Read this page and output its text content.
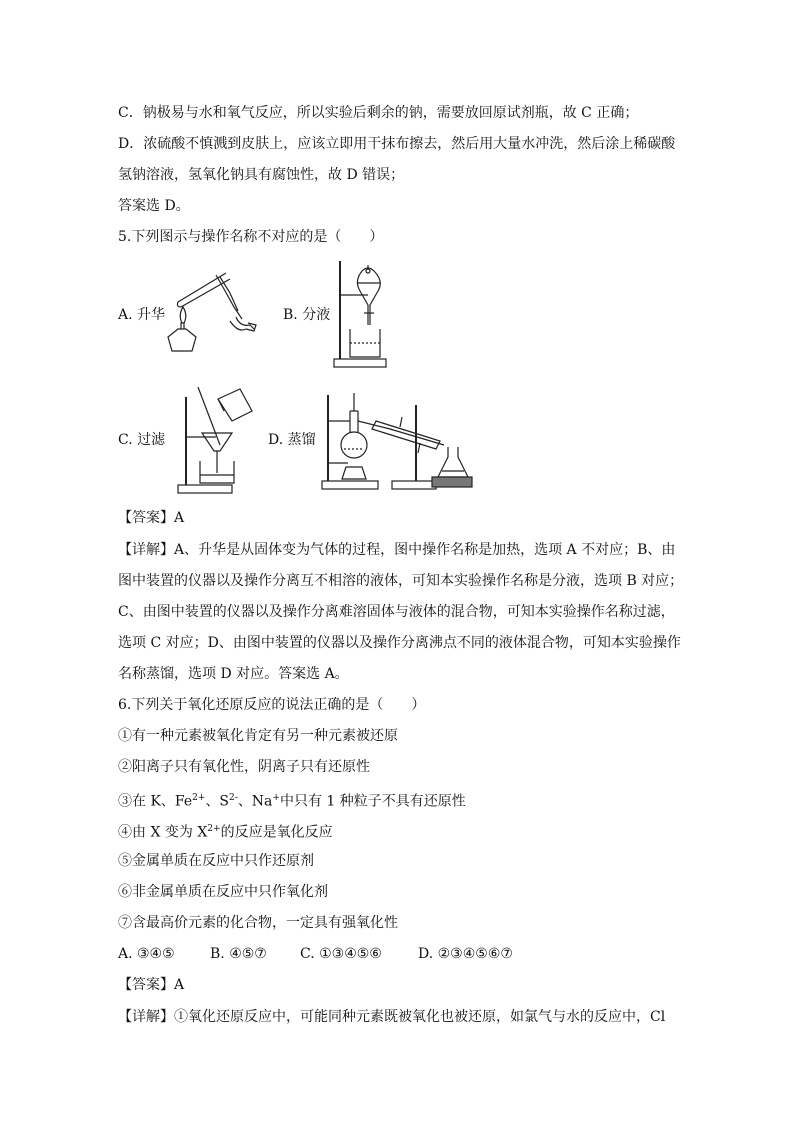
C．钠极易与水和氧气反应，所以实验后剩余的钠，需要放回原试剂瓶，故 C 正确；
D．浓硫酸不慎溅到皮肤上，应该立即用干抹布擦去，然后用大量水冲洗，然后涂上稀碳酸
氢钠溶液，氢氧化钠具有腐蚀性，故 D 错误；
答案选 D。
5.下列图示与操作名称不对应的是（　　）
A. 升华	B. 分液
C. 过滤	D. 蒸馏
【答案】A
【详解】A、升华是从固体变为气体的过程，图中操作名称是加热，选项 A 不对应；B、由
图中装置的仪器以及操作分离互不相溶的液体，可知本实验操作名称是分液，选项 B 对应；
C、由图中装置的仪器以及操作分离难溶固体与液体的混合物，可知本实验操作名称过滤，
选项 C 对应；D、由图中装置的仪器以及操作分离沸点不同的液体混合物，可知本实验操作
名称蒸馏，选项 D 对应。答案选 A。
6.下列关于氧化还原反应的说法正确的是（　　）
①有一种元素被氧化肯定有另一种元素被还原
②阳离子只有氧化性，阴离子只有还原性
③在 K、$Fe^{2+}$、$S^{2-}$、Na+中只有 1 种粒子不具有还原性
④由 X 变为 $X^{2+}$的反应是氧化反应
⑤金属单质在反应中只作还原剂
⑥非金属单质在反应中只作氧化剂
⑦含最高价元素的化合物，一定具有强氧化性
A. ③④⑤	B. ④⑤⑦ C. ①③④⑤⑥	D. ②③④⑤⑥⑦
【答案】A
【详解】①氧化还原反应中，可能同种元素既被氧化也被还原，如氯气与水的反应中，Cl
